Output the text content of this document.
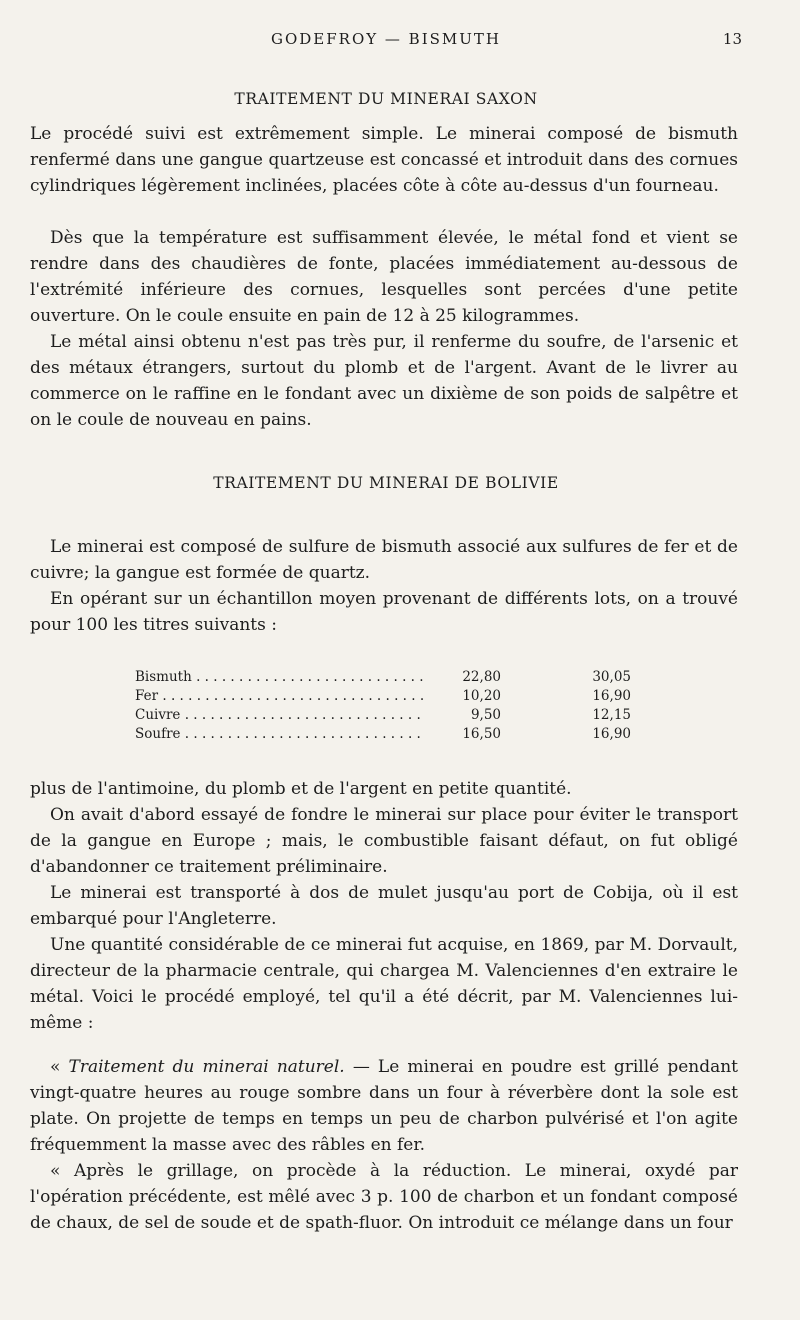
GODEFROY — BISMUTH	13
TRAITEMENT DU MINERAI SAXON

Le procédé suivi est extrêmement simple. Le minerai composé de bismuth renfermé dans une gangue quartzeuse est concassé et introduit dans des cornues cylindriques légèrement inclinées, placées côte à côte au-dessus d'un fourneau.

Dès que la température est suffisamment élevée, le métal fond et vient se rendre dans des chaudières de fonte, placées immédiatement au-dessous de l'extrémité inférieure des cornues, lesquelles sont percées d'une petite ouverture. On le coule ensuite en pain de 12 à 25 kilogrammes.

Le métal ainsi obtenu n'est pas très pur, il renferme du soufre, de l'arsenic et des métaux étrangers, surtout du plomb et de l'argent. Avant de le livrer au commerce on le raffine en le fondant avec un dixième de son poids de salpêtre et on le coule de nouveau en pains.

TRAITEMENT DU MINERAI DE BOLIVIE

Le minerai est composé de sulfure de bismuth associé aux sulfures de fer et de cuivre; la gangue est formée de quartz.

En opérant sur un échantillon moyen provenant de différents lots, on a trouvé pour 100 les titres suivants :

Bismuth . . .	22,80	30,05
Fer . . .	10,20	16,90
Cuivre . . .	9,50	12,15
Soufre . . .	16,50	16,90

plus de l'antimoine, du plomb et de l'argent en petite quantité.

On avait d'abord essayé de fondre le minerai sur place pour éviter le transport de la gangue en Europe ; mais, le combustible faisant défaut, on fut obligé d'abandonner ce traitement préliminaire.

Le minerai est transporté à dos de mulet jusqu'au port de Cobija, où il est embarqué pour l'Angleterre.

Une quantité considérable de ce minerai fut acquise, en 1869, par M. Dorvault, directeur de la pharmacie centrale, qui chargea M. Valenciennes d'en extraire le métal. Voici le procédé employé, tel qu'il a été décrit, par M. Valenciennes lui-même :

« Traitement du minerai naturel. — Le minerai en poudre est grillé pendant vingt-quatre heures au rouge sombre dans un four à réverbère dont la sole est plate. On projette de temps en temps un peu de charbon pulvérisé et l'on agite fréquemment la masse avec des râbles en fer.

« Après le grillage, on procède à la réduction. Le minerai, oxydé par l'opération précédente, est mêlé avec 3 p. 100 de charbon et un fondant composé de chaux, de sel de soude et de spath-fluor. On introduit ce mélange dans un four
